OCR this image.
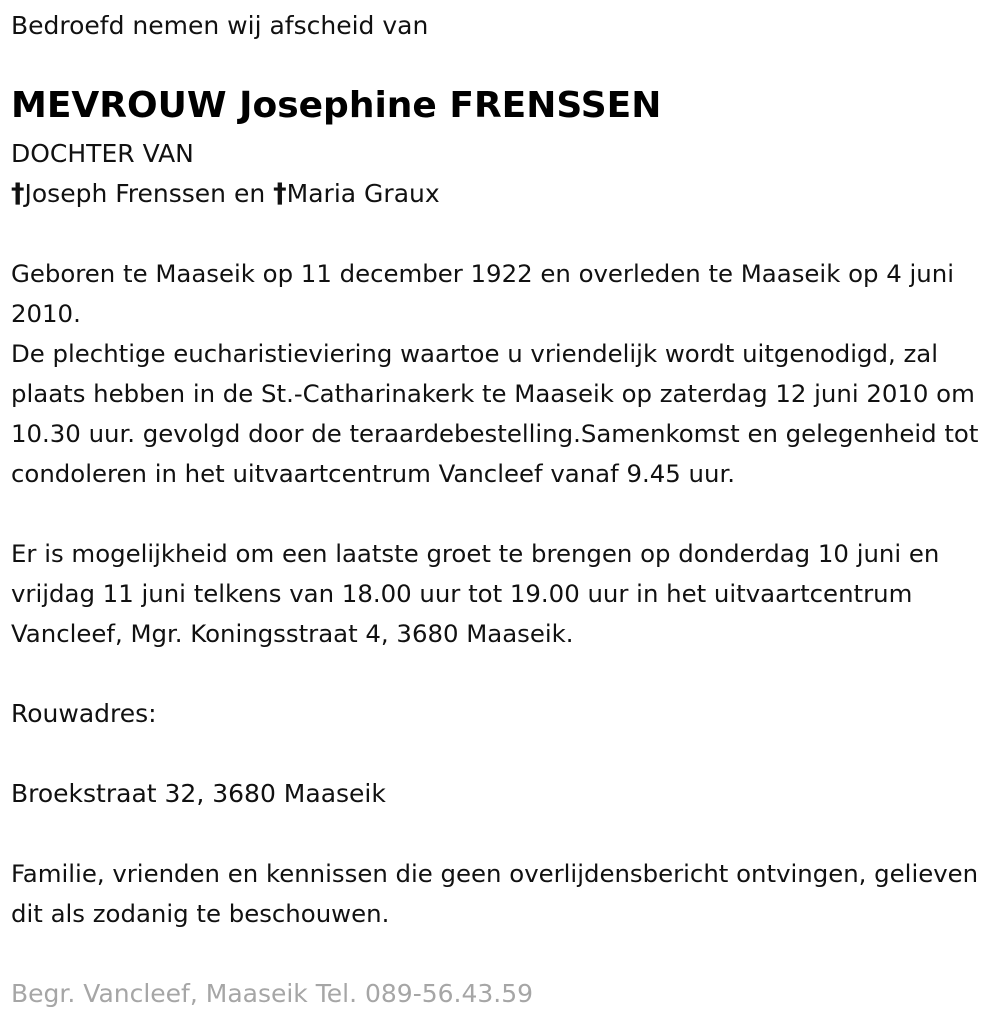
Bedroefd nemen wij afscheid van

MEVROUW Josephine FRENSSEN

DOCHTER VAN

†Joseph Frenssen en †Maria Graux

Geboren te Maaseik op 11 december 1922 en overleden te Maaseik op 4 juni 2010.

De plechtige eucharistieviering waartoe u vriendelijk wordt uitgenodigd, zal plaats hebben in de St.-Catharinakerk te Maaseik op zaterdag 12 juni 2010 om 10.30 uur. gevolgd door de teraardebestelling.Samenkomst en gelegenheid tot condoleren in het uitvaartcentrum Vancleef vanaf 9.45 uur.

Er is mogelijkheid om een laatste groet te brengen op donderdag 10 juni en vrijdag 11 juni telkens van 18.00 uur tot 19.00 uur in het uitvaartcentrum Vancleef, Mgr. Koningsstraat 4, 3680 Maaseik.

Rouwadres:

Broekstraat 32, 3680 Maaseik

Familie, vrienden en kennissen die geen overlijdensbericht ontvingen, gelieven dit als zodanig te beschouwen.

Begr. Vancleef, Maaseik Tel. 089-56.43.59
